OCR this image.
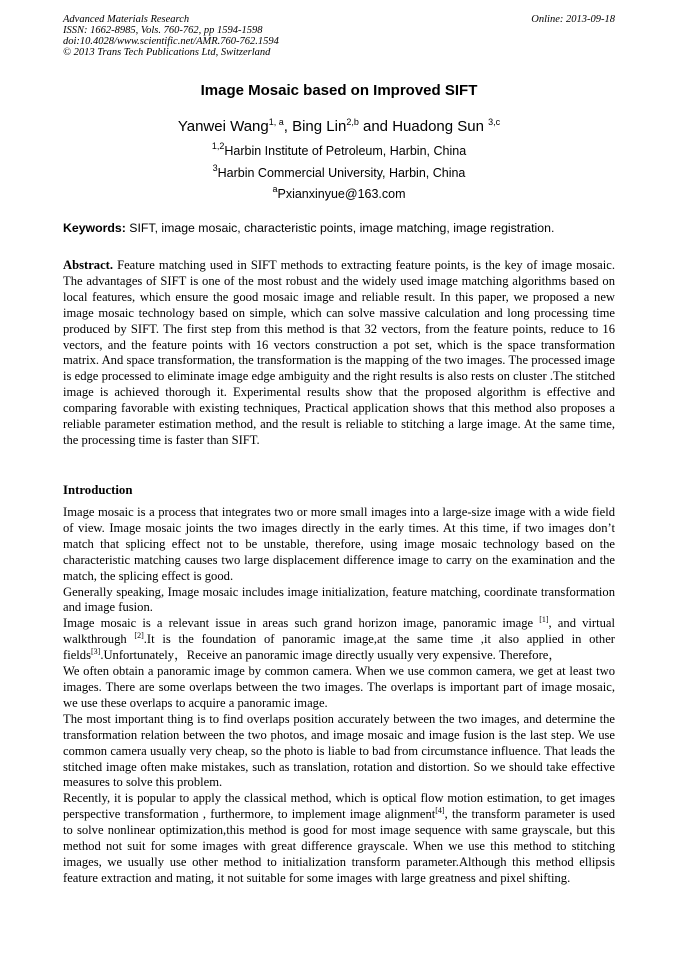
Advanced Materials Research
ISSN: 1662-8985, Vols. 760-762, pp 1594-1598
doi:10.4028/www.scientific.net/AMR.760-762.1594
© 2013 Trans Tech Publications Ltd, Switzerland
Online: 2013-09-18
Image Mosaic based on Improved SIFT
Yanwei Wang$^{1, a}$, Bing Lin$^{2,b}$ and Huadong Sun $^{3,c}$
$^{1,2}$Harbin Institute of Petroleum, Harbin, China
$^3$Harbin Commercial University, Harbin, China
$^a$Pxianxinyue@163.com
Keywords: SIFT, image mosaic, characteristic points, image matching, image registration.

Abstract. Feature matching used in SIFT methods to extracting feature points, is the key of image mosaic. The advantages of SIFT is one of the most robust and the widely used image matching algorithms based on local features, which ensure the good mosaic image and reliable result. In this paper, we proposed a new image mosaic technology based on simple, which can solve massive calculation and long processing time produced by SIFT. The first step from this method is that 32 vectors, from the feature points, reduce to 16 vectors, and the feature points with 16 vectors construction a pot set, which is the space transformation matrix. And space transformation, the transformation is the mapping of the two images. The processed image is edge processed to eliminate image edge ambiguity and the right results is also rests on cluster .The stitched image is achieved thorough it. Experimental results show that the proposed algorithm is effective and comparing favorable with existing techniques, Practical application shows that this method also proposes a reliable parameter estimation method, and the result is reliable to stitching a large image. At the same time, the processing time is faster than SIFT.

Introduction

Image mosaic is a process that integrates two or more small images into a large-size image with a wide field of view. Image mosaic joints the two images directly in the early times. At this time, if two images don’t match that splicing effect not to be unstable, therefore, using image mosaic technology based on the characteristic matching causes two large displacement difference image to carry on the examination and the match, the splicing effect is good.

Generally speaking, Image mosaic includes image initialization, feature matching, coordinate transformation and image fusion.

Image mosaic is a relevant issue in areas such grand horizon image, panoramic image [1], and virtual walkthrough [2].It is the foundation of panoramic image,at the same time ,it also applied in other fields[3].Unfortunately，Receive an panoramic image directly usually very expensive. Therefore，

We often obtain a panoramic image by common camera. When we use common camera, we get at least two images. There are some overlaps between the two images. The overlaps is important part of image mosaic, we use these overlaps to acquire a panoramic image.

The most important thing is to find overlaps position accurately between the two images, and determine the transformation relation between the two photos, and image mosaic and image fusion is the last step. We use common camera usually very cheap, so the photo is liable to bad from circumstance influence. That leads the stitched image often make mistakes, such as translation, rotation and distortion. So we should take effective measures to solve this problem.

Recently, it is popular to apply the classical method, which is optical flow motion estimation, to get images perspective transformation , furthermore, to implement image alignment[4], the transform parameter is used to solve nonlinear optimization,this method is good for most image sequence with same grayscale, but this method not suit for some images with great difference grayscale. When we use this method to stitching images, we usually use other method to initialization transform parameter.Although this method ellipsis feature extraction and mating, it not suitable for some images with large greatness and pixel shifting.
